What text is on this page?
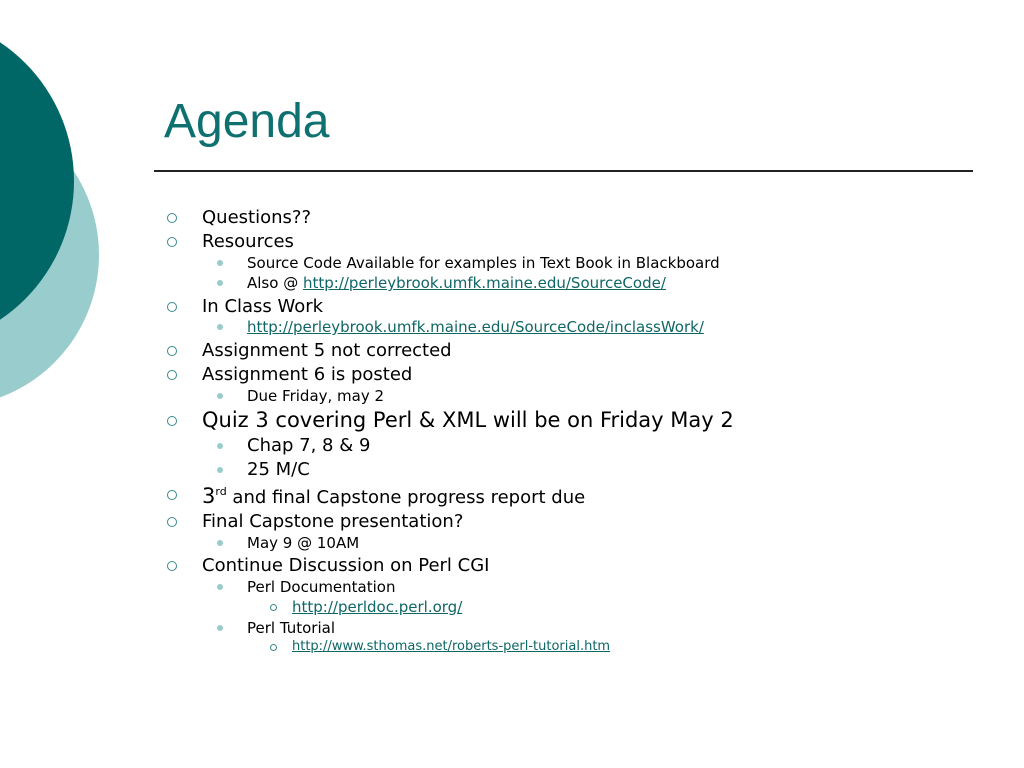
Agenda
Questions??
Resources
Source Code Available for examples in Text Book in Blackboard
Also @ http://perleybrook.umfk.maine.edu/SourceCode/
In Class Work
http://perleybrook.umfk.maine.edu/SourceCode/inclassWork/
Assignment 5 not corrected
Assignment 6 is posted
Due Friday, may 2
Quiz 3 covering Perl & XML will be on Friday May 2
Chap 7, 8 & 9
25 M/C
3rd and final Capstone progress report due
Final Capstone presentation?
May 9 @ 10AM
Continue Discussion on Perl CGI
Perl Documentation
http://perldoc.perl.org/
Perl Tutorial
http://www.sthomas.net/roberts-perl-tutorial.htm
